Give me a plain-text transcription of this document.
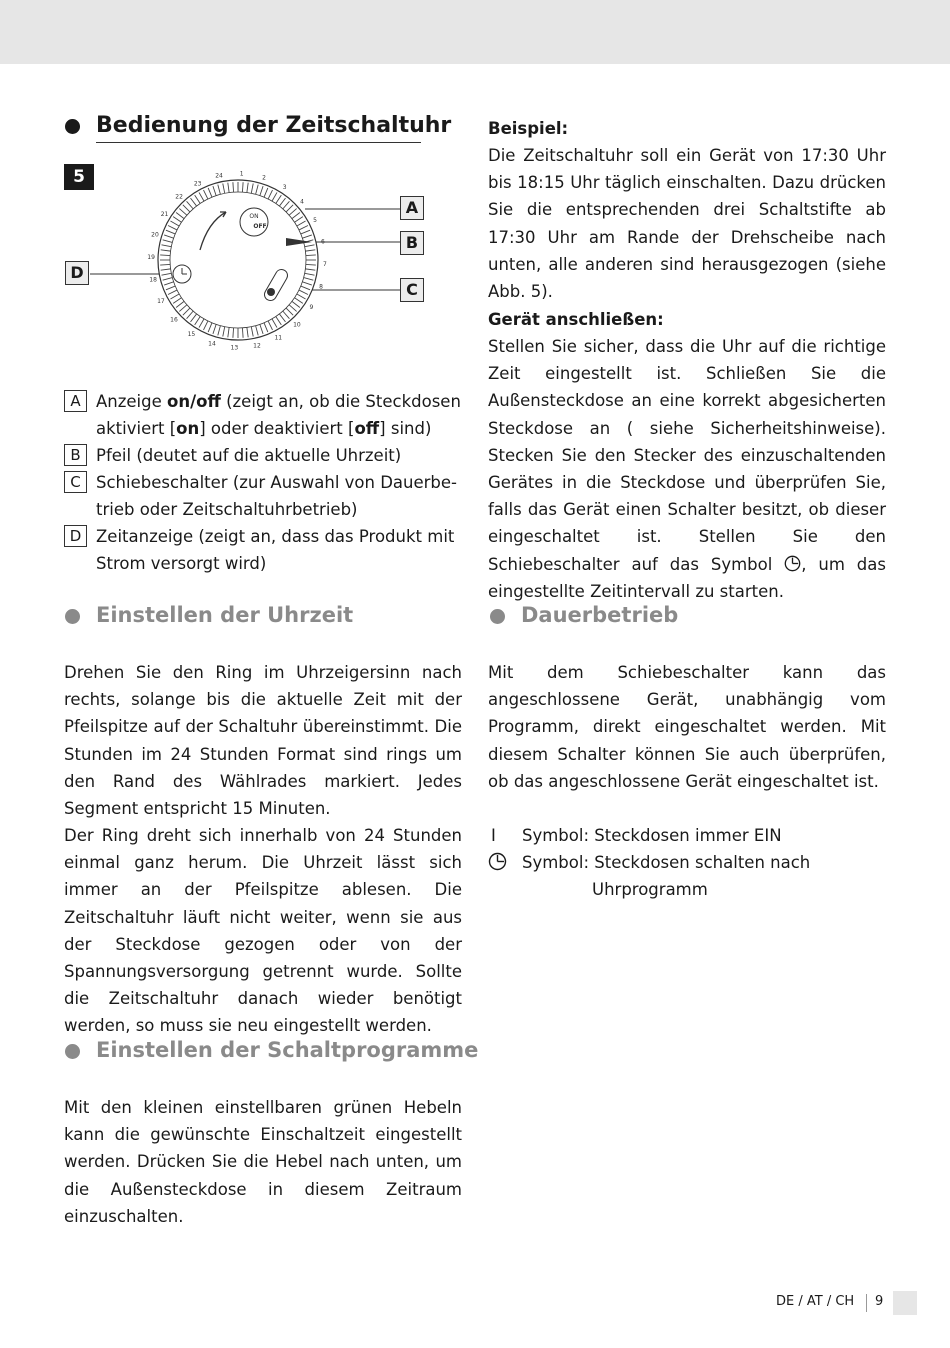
Bedienung der Zeitschaltuhr
5	24	1
2
3
4
5
6
7
8
9
10
11
12
13
14
15
16
17
18
19
20
21
22
23
ON
OFF
A
B
C
D
A Anzeige on/off (zeigt an, ob die Steckdosen
aktiviert [on] oder deaktiviert [off] sind)
B Pfeil (deutet auf die aktuelle Uhrzeit)
C Schiebeschalter (zur Auswahl von Dauerbe-
trieb oder Zeitschaltuhrbetrieb)
D Zeitanzeige (zeigt an, dass das Produkt mit
Strom versorgt wird)
Einstellen der Uhrzeit
Drehen Sie den Ring im Uhrzeigersinn nach rechts, solange bis die aktuelle Zeit mit der Pfeilspitze auf der Schaltuhr übereinstimmt. Die Stunden im 24 Stunden Format sind rings um den Rand des Wählrades markiert. Jedes Segment entspricht 15 Minuten.
Der Ring dreht sich innerhalb von 24 Stunden einmal ganz herum. Die Uhrzeit lässt sich immer an der Pfeilspitze ablesen. Die Zeitschaltuhr läuft nicht weiter, wenn sie aus der Steckdose gezogen oder von der Spannungsversorgung getrennt wurde. Sollte die Zeitschaltuhr danach wieder benötigt werden, so muss sie neu eingestellt werden.
Einstellen der Schaltprogramme
Mit den kleinen einstellbaren grünen Hebeln kann die gewünschte Einschaltzeit eingestellt werden. Drücken Sie die Hebel nach unten, um die Außensteckdose in diesem Zeitraum einzuschalten.
Beispiel:
Die Zeitschaltuhr soll ein Gerät von 17:30 Uhr bis 18:15 Uhr täglich einschalten. Dazu drücken Sie die entsprechenden drei Schaltstifte ab 17:30 Uhr am Rande der Drehscheibe nach unten, alle anderen sind herausgezogen (siehe Abb. 5).
Gerät anschließen:
Stellen Sie sicher, dass die Uhr auf die richtige Zeit eingestellt ist. Schließen Sie die Außensteckdose an eine korrekt abgesicherten Steckdose an ( siehe Sicherheitshinweise). Stecken Sie den Stecker des einzuschaltenden Gerätes in die Steckdose und überprüfen Sie, falls das Gerät einen Schalter besitzt, ob dieser eingeschaltet ist. Stellen Sie den Schiebeschalter auf das Symbol , um das eingestellte Zeitintervall zu starten.
Dauerbetrieb
Mit dem Schiebeschalter kann das angeschlossene Gerät, unabhängig vom Programm, direkt eingeschaltet werden. Mit diesem Schalter können Sie auch überprüfen, ob das angeschlossene Gerät eingeschaltet ist.
I Symbol: Steckdosen immer EIN
Symbol: Steckdosen schalten nach
Uhrprogramm
DE / AT / CH 9
